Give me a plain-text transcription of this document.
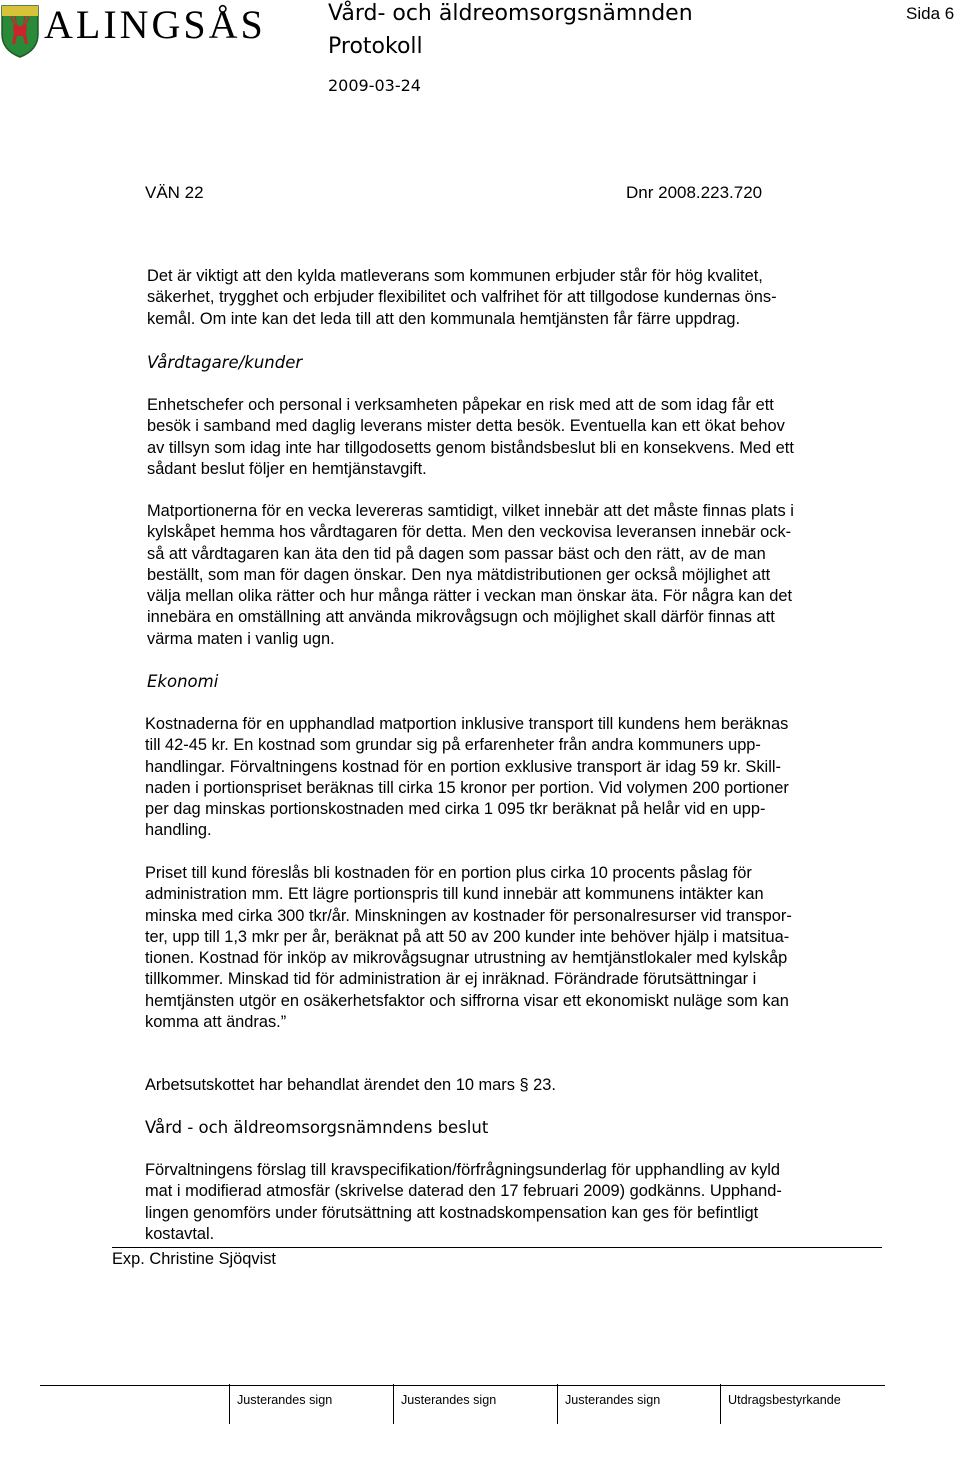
ALINGSÅS	Vård- och äldreomsorgsnämnden
Protokoll
2009-03-24
Sida 6
VÄN 22	Dnr 2008.223.720
Det är viktigt att den kylda matleverans som kommunen erbjuder står för hög kvalitet,
säkerhet, trygghet och erbjuder flexibilitet och valfrihet för att tillgodose kundernas öns-
kemål. Om inte kan det leda till att den kommunala hemtjänsten får färre uppdrag.
Vårdtagare/kunder
Enhetschefer och personal i verksamheten påpekar en risk med att de som idag får ett
besök i samband med daglig leverans mister detta besök. Eventuella kan ett ökat behov
av tillsyn som idag inte har tillgodosetts genom biståndsbeslut bli en konsekvens. Med ett
sådant beslut följer en hemtjänstavgift.
Matportionerna för en vecka levereras samtidigt, vilket innebär att det måste finnas plats i
kylskåpet hemma hos vårdtagaren för detta. Men den veckovisa leveransen innebär ock-
så att vårdtagaren kan äta den tid på dagen som passar bäst och den rätt, av de man
beställt, som man för dagen önskar. Den nya mätdistributionen ger också möjlighet att
välja mellan olika rätter och hur många rätter i veckan man önskar äta. För några kan det
innebära en omställning att använda mikrovågsugn och möjlighet skall därför finnas att
värma maten i vanlig ugn.
Ekonomi
Kostnaderna för en upphandlad matportion inklusive transport till kundens hem beräknas
till 42-45 kr. En kostnad som grundar sig på erfarenheter från andra kommuners upp-
handlingar. Förvaltningens kostnad för en portion exklusive transport är idag 59 kr. Skill-
naden i portionspriset beräknas till cirka 15 kronor per portion. Vid volymen 200 portioner
per dag minskas portionskostnaden med cirka 1 095 tkr beräknat på helår vid en upp-
handling.
Priset till kund föreslås bli kostnaden för en portion plus cirka 10 procents påslag för
administration mm. Ett lägre portionspris till kund innebär att kommunens intäkter kan
minska med cirka 300 tkr/år. Minskningen av kostnader för personalresurser vid transpor-
ter, upp till 1,3 mkr per år, beräknat på att 50 av 200 kunder inte behöver hjälp i matsitua-
tionen. Kostnad för inköp av mikrovågsugnar utrustning av hemtjänstlokaler med kylskåp
tillkommer. Minskad tid för administration är ej inräknad. Förändrade förutsättningar i
hemtjänsten utgör en osäkerhetsfaktor och siffrorna visar ett ekonomiskt nuläge som kan
komma att ändras.”
Arbetsutskottet har behandlat ärendet den 10 mars § 23.
Vård - och äldreomsorgsnämndens beslut
Förvaltningens förslag till kravspecifikation/förfrågningsunderlag för upphandling av kyld
mat i modifierad atmosfär (skrivelse daterad den 17 februari 2009) godkänns. Upphand-
lingen genomförs under förutsättning att kostnadskompensation kan ges för befintligt
kostavtal.
Exp. Christine Sjöqvist
Justerandes sign	Justerandes sign	Justerandes sign	Utdragsbestyrkande
